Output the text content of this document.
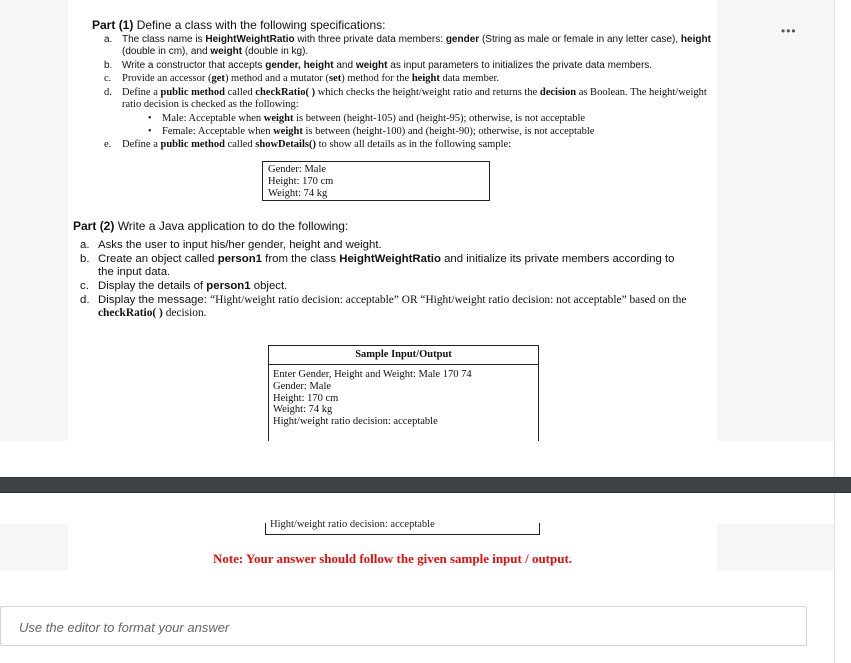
•••
Part (1) Define a class with the following specifications:
a. The class name is HeightWeightRatio with three private data members: gender (String as male or female in any letter case), height (double in cm), and weight (double in kg).
b. Write a constructor that accepts gender, height and weight as input parameters to initializes the private data members.
c. Provide an accessor (get) method and a mutator (set) method for the height data member.
d. Define a public method called checkRatio( ) which checks the height/weight ratio and returns the decision as Boolean. The height/weight ratio decision is checked as the following:
• Male: Acceptable when weight is between (height-105) and (height-95); otherwise, is not acceptable
• Female: Acceptable when weight is between (height-100) and (height-90); otherwise, is not acceptable
e. Define a public method called showDetails() to show all details as in the following sample:
Gender: Male
Height: 170 cm
Weight: 74 kg
Part (2) Write a Java application to do the following:
a. Asks the user to input his/her gender, height and weight.
b. Create an object called person1 from the class HeightWeightRatio and initialize its private members according to the input data.
c. Display the details of person1 object.
d. Display the message: “Hight/weight ratio decision: acceptable” OR “Hight/weight ratio decision: not acceptable” based on the checkRatio( ) decision.
Sample Input/Output
Enter Gender, Height and Weight: Male 170 74
Gender: Male
Height: 170 cm
Weight: 74 kg
Hight/weight ratio decision: acceptable
Hight/weight ratio decision: acceptable
Note: Your answer should follow the given sample input / output.
Use the editor to format your answer
